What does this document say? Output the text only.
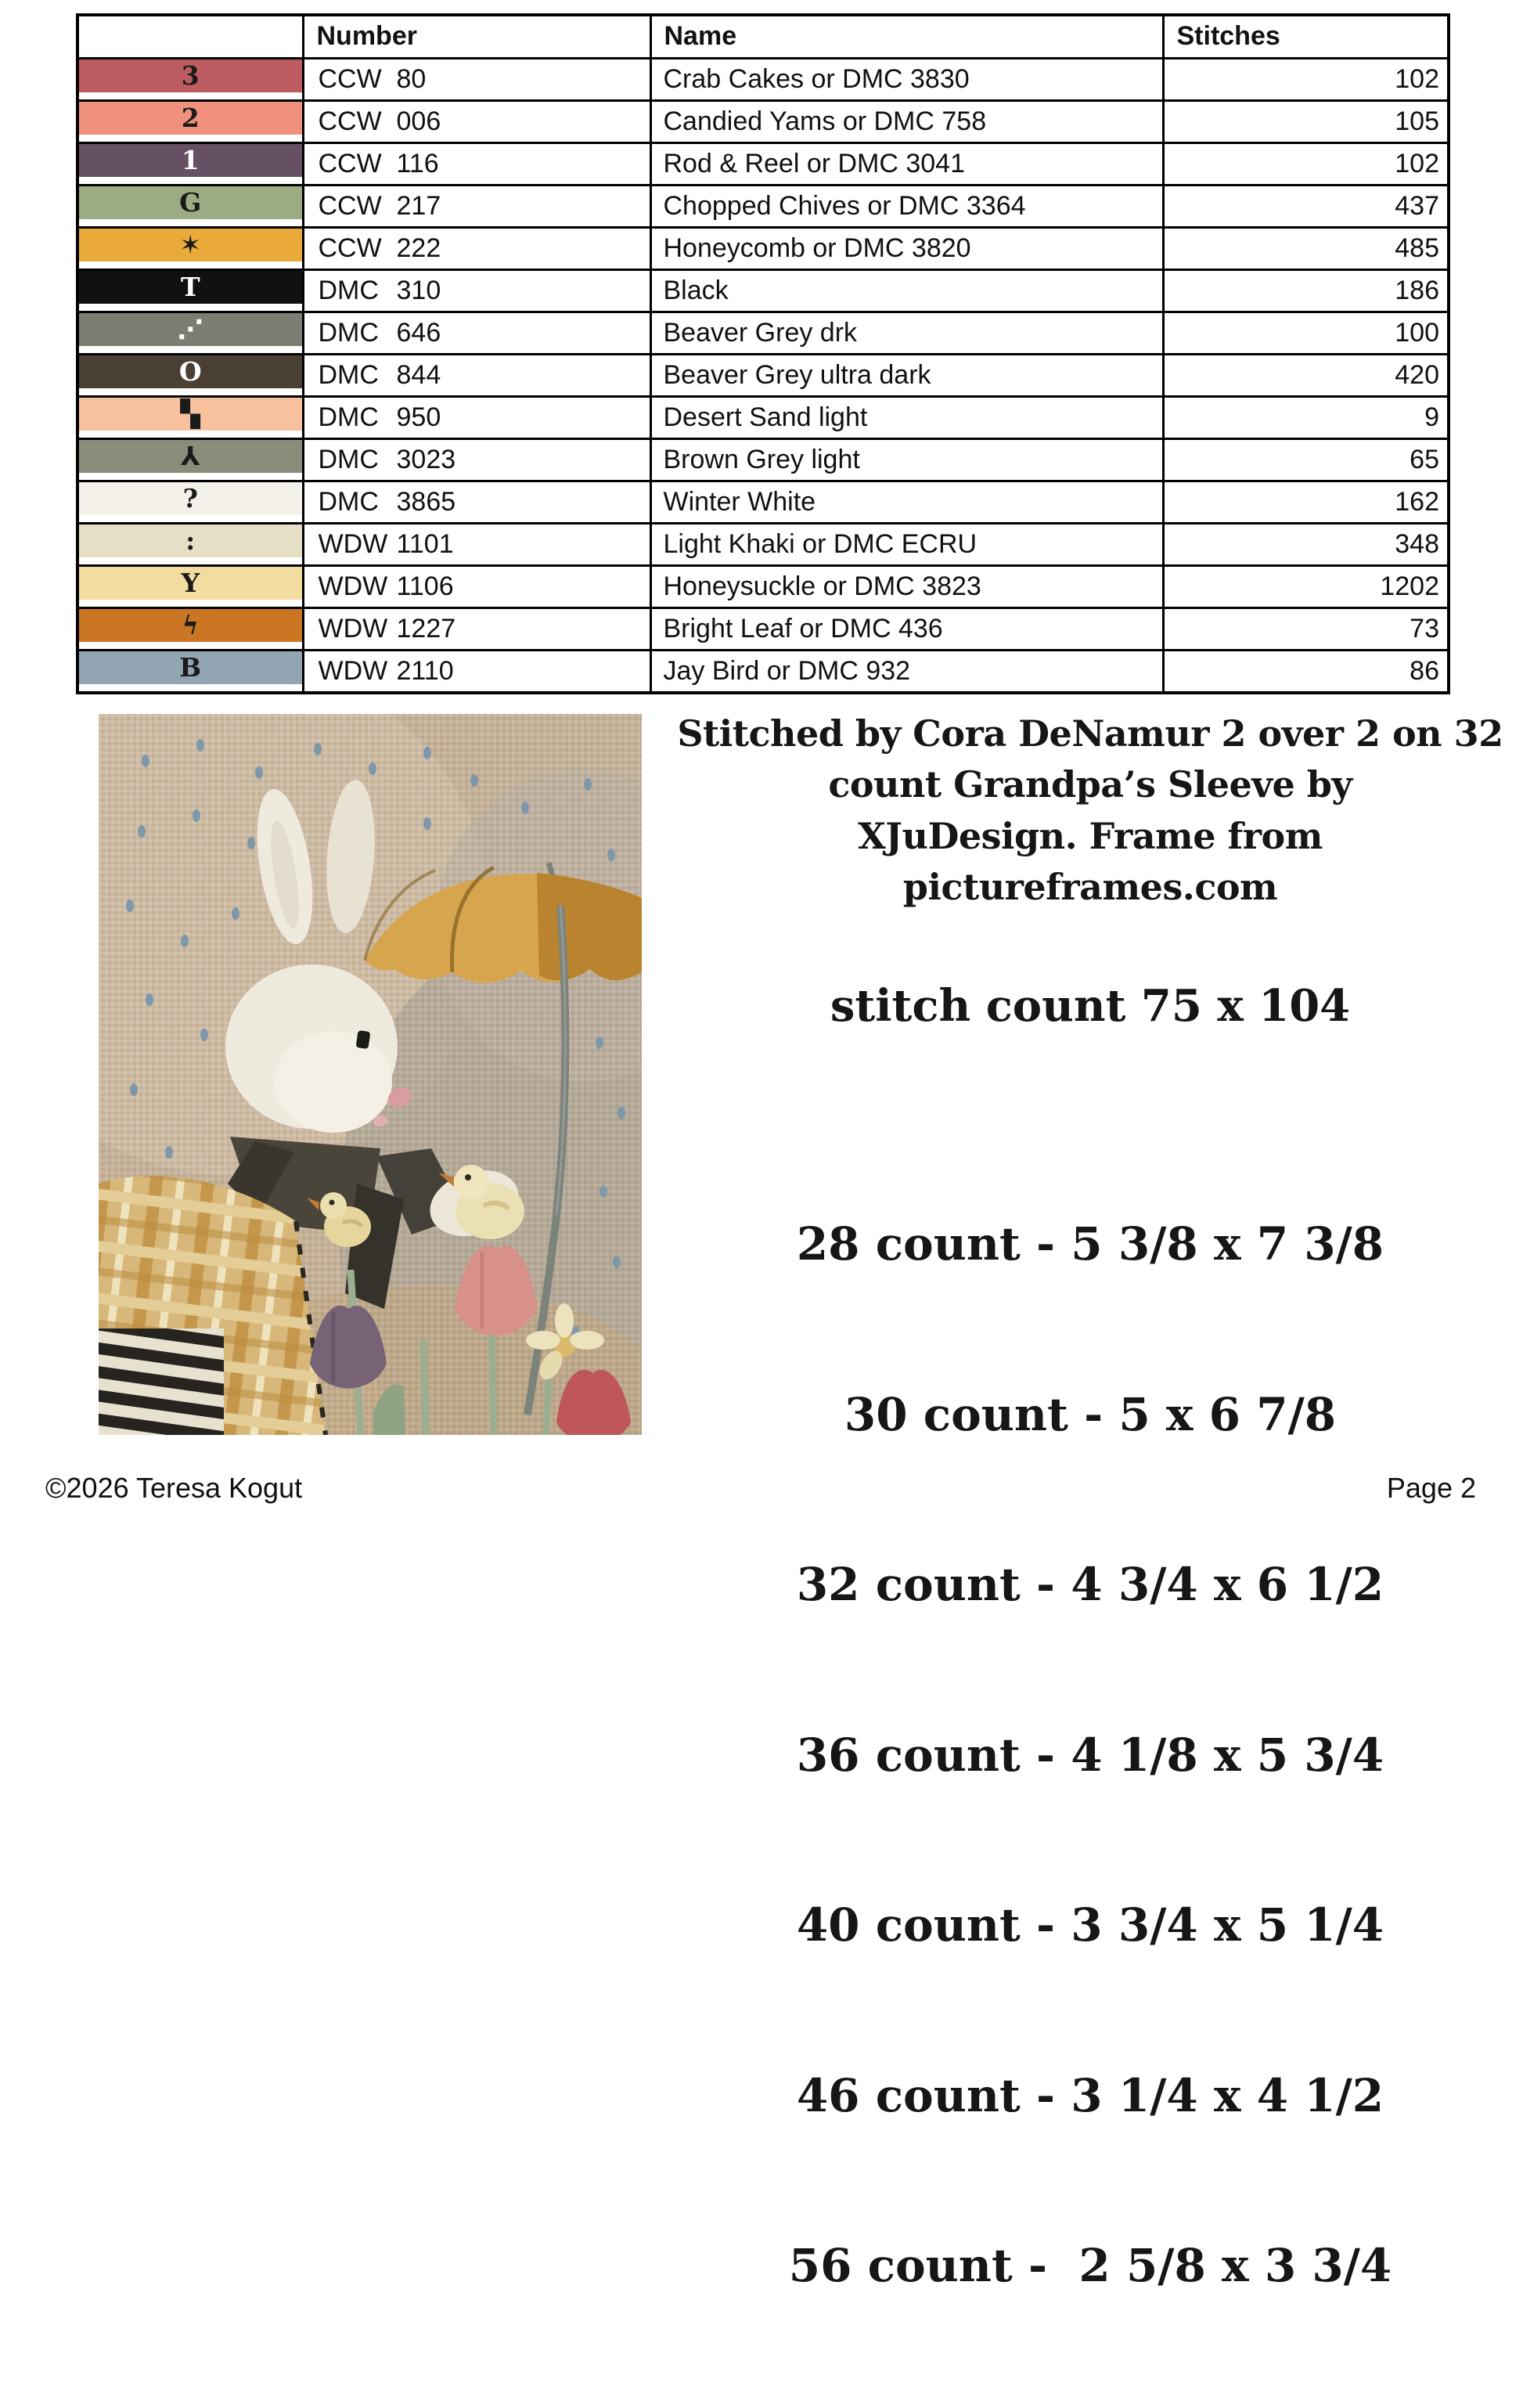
	Number	Name	Stitches

3	CCW 80	Crab Cakes or DMC 3830	102

2	CCW 006	Candied Yams or DMC 758	105

1	CCW 116	Rod & Reel or DMC 3041	102

G	CCW 217	Chopped Chives or DMC 3364	437

✶	CCW 222	Honeycomb or DMC 3820	485

T	DMC 310	Black	186

⋰	DMC 646	Beaver Grey drk	100

O	DMC 844	Beaver Grey ultra dark	420

▚	DMC 950	Desert Sand light	9

⅄	DMC 3023	Brown Grey light	65

?	DMC 3865	Winter White	162

:	WDW 1101	Light Khaki or DMC ECRU	348

Y	WDW 1106	Honeysuckle or DMC 3823	1202

ϟ	WDW 1227	Bright Leaf or DMC 436	73

B	WDW 2110	Jay Bird or DMC 932	86
Stitched by Cora DeNamur 2 over 2 on 32
count Grandpa’s Sleeve by
XJuDesign. Frame from pictureframes.com
stitch count 75 x 104

28 count - 5 3/8 x 7 3/8

30 count - 5 x 6 7/8

32 count - 4 3/4 x 6 1/2

36 count - 4 1/8 x 5 3/4

40 count - 3 3/4 x 5 1/4

46 count - 3 1/4 x 4 1/2

56 count -  2 5/8 x 3 3/4

©2026 Teresa Kogut	Page 2
